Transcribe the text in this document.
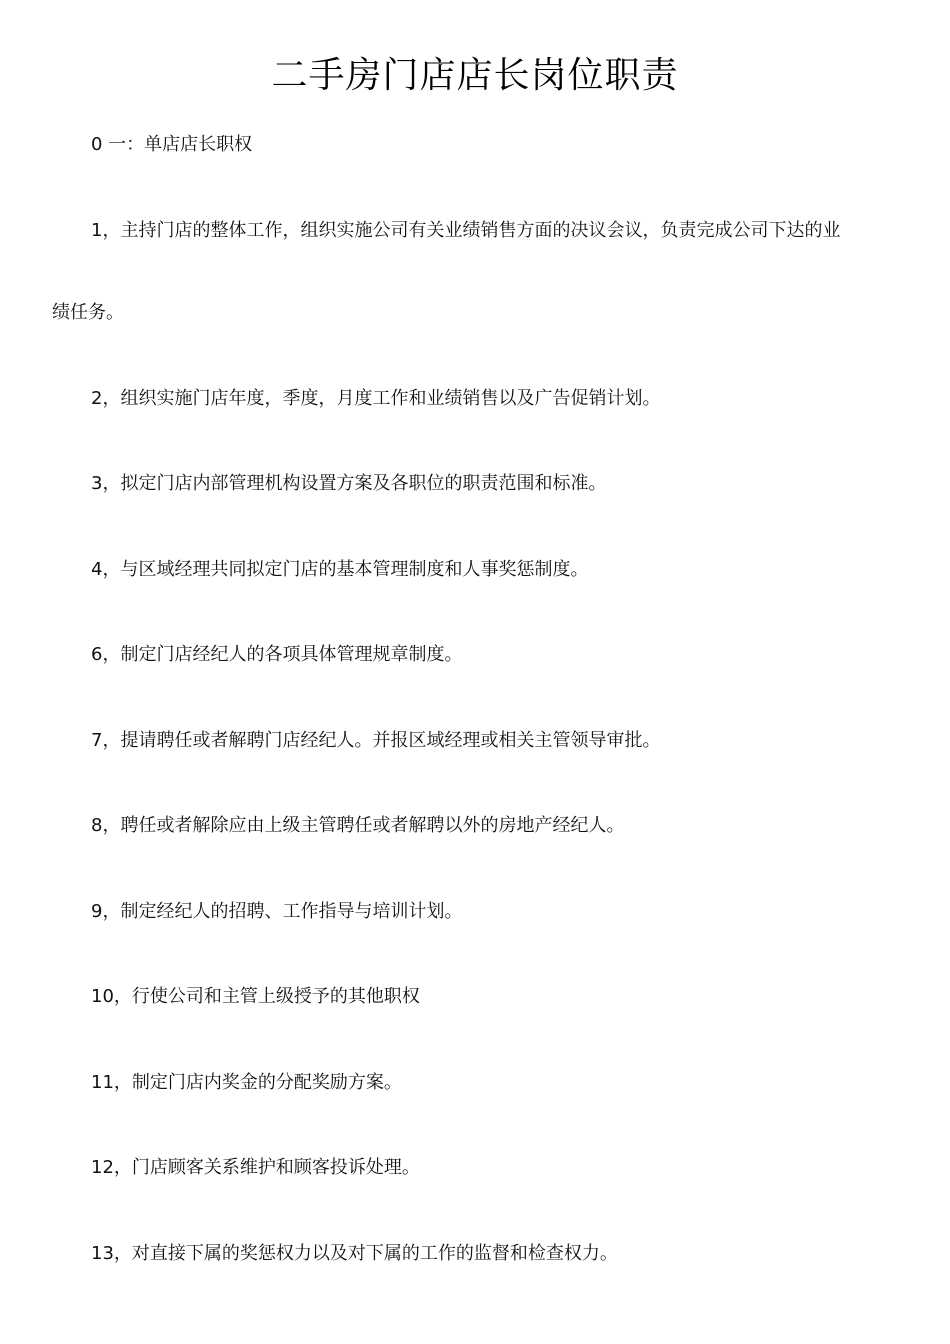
二手房门店店长岗位职责

0 一：单店店长职权

1，主持门店的整体工作，组织实施公司有关业绩销售方面的决议会议，负责完成公司下达的业

绩任务。

2，组织实施门店年度，季度，月度工作和业绩销售以及广告促销计划。

3，拟定门店内部管理机构设置方案及各职位的职责范围和标准。

4，与区域经理共同拟定门店的基本管理制度和人事奖惩制度。

6，制定门店经纪人的各项具体管理规章制度。

7，提请聘任或者解聘门店经纪人。并报区域经理或相关主管领导审批。

8，聘任或者解除应由上级主管聘任或者解聘以外的房地产经纪人。

9，制定经纪人的招聘、工作指导与培训计划。

10，行使公司和主管上级授予的其他职权

11，制定门店内奖金的分配奖励方案。

12，门店顾客关系维护和顾客投诉处理。

13，对直接下属的奖惩权力以及对下属的工作的监督和检查权力。
